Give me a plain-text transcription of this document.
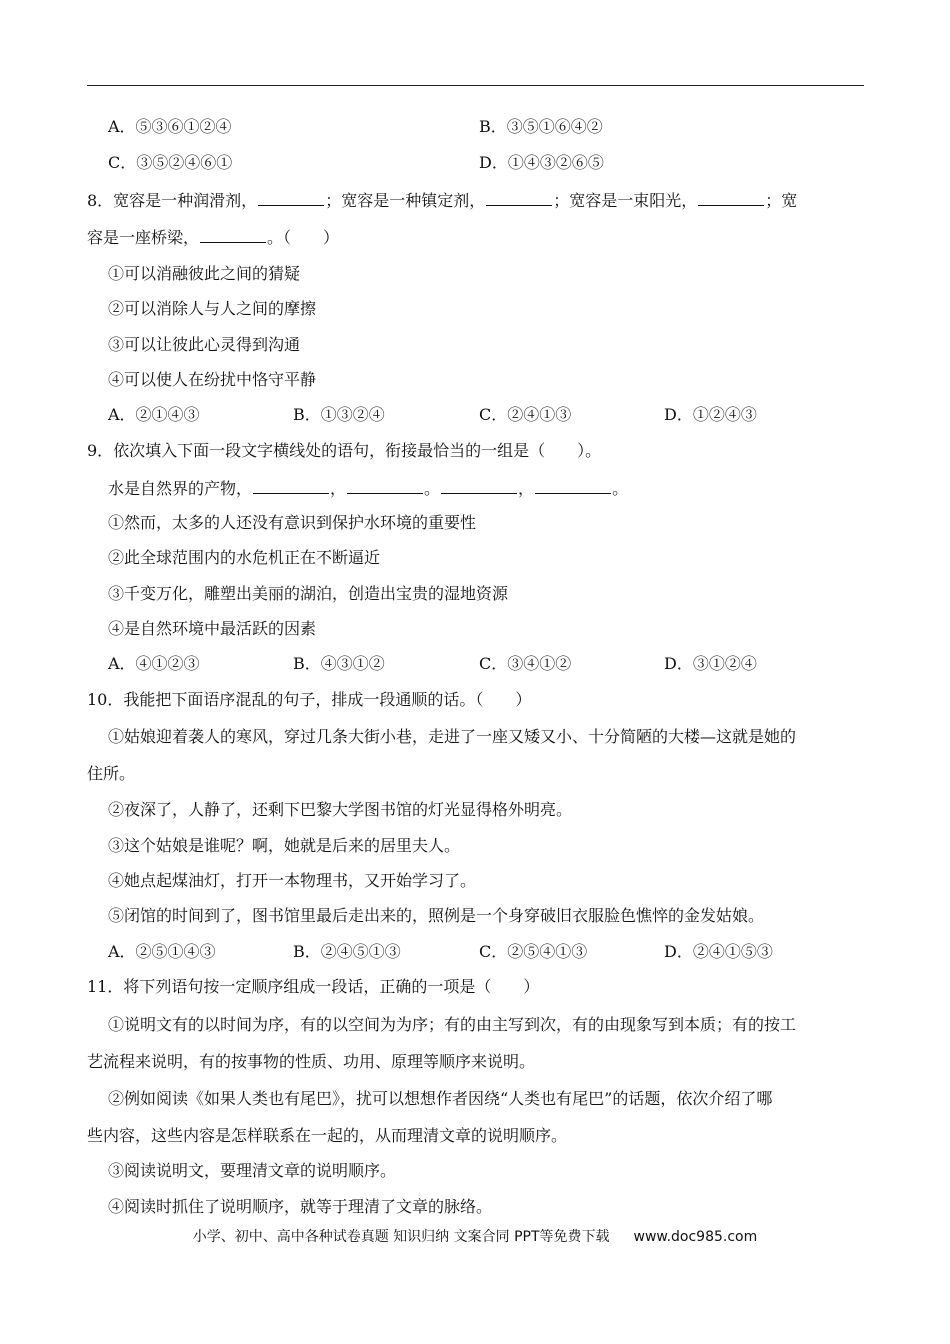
A．⑤③⑥①②④	B．③⑤①⑥④②
C．③⑤②④⑥①	D．①④③②⑥⑤
8．宽容是一种润滑剂，	；宽容是一种镇定剂，	；宽容是一束阳光，	；宽
容是一座桥梁，	。（　　）
①可以消融彼此之间的猜疑
②可以消除人与人之间的摩擦
③可以让彼此心灵得到沟通
④可以使人在纷扰中恪守平静
A．②①④③	B．①③②④	C．②④①③	D．①②④③
9．依次填入下面一段文字横线处的语句，衔接最恰当的一组是（　　）。
水是自然界的产物，	，	。	，	。
①然而，太多的人还没有意识到保护水环境的重要性
②此全球范围内的水危机正在不断逼近
③千变万化，雕塑出美丽的湖泊，创造出宝贵的湿地资源
④是自然环境中最活跃的因素
A．④①②③	B．④③①②	C．③④①②	D．③①②④
10．我能把下面语序混乱的句子，排成一段通顺的话。（　　）
①姑娘迎着袭人的寒风，穿过几条大街小巷，走进了一座又矮又小、十分简陋的大楼—这就是她的
住所。
②夜深了，人静了，还剩下巴黎大学图书馆的灯光显得格外明亮。
③这个姑娘是谁呢？啊，她就是后来的居里夫人。
④她点起煤油灯，打开一本物理书，又开始学习了。
⑤闭馆的时间到了，图书馆里最后走出来的，照例是一个身穿破旧衣服脸色憔悴的金发姑娘。
A．②⑤①④③	B．②④⑤①③	C．②⑤④①③	D．②④①⑤③
11．将下列语句按一定顺序组成一段话，正确的一项是（　　）
①说明文有的以时间为序，有的以空间为为序；有的由主写到次，有的由现象写到本质；有的按工
艺流程来说明，有的按事物的性质、功用、原理等顺序来说明。
②例如阅读《如果人类也有尾巴》，扰可以想想作者因绕“人类也有尾巴”的话题，依次介绍了哪
些内容，这些内容是怎样联系在一起的，从而理清文章的说明顺序。
③阅读说明文，要理清文章的说明顺序。
④阅读时抓住了说明顺序，就等于理清了文章的脉络。
小学、初中、高中各种试卷真题 知识归纳 文案合同 PPT等免费下载 www.doc985.com
